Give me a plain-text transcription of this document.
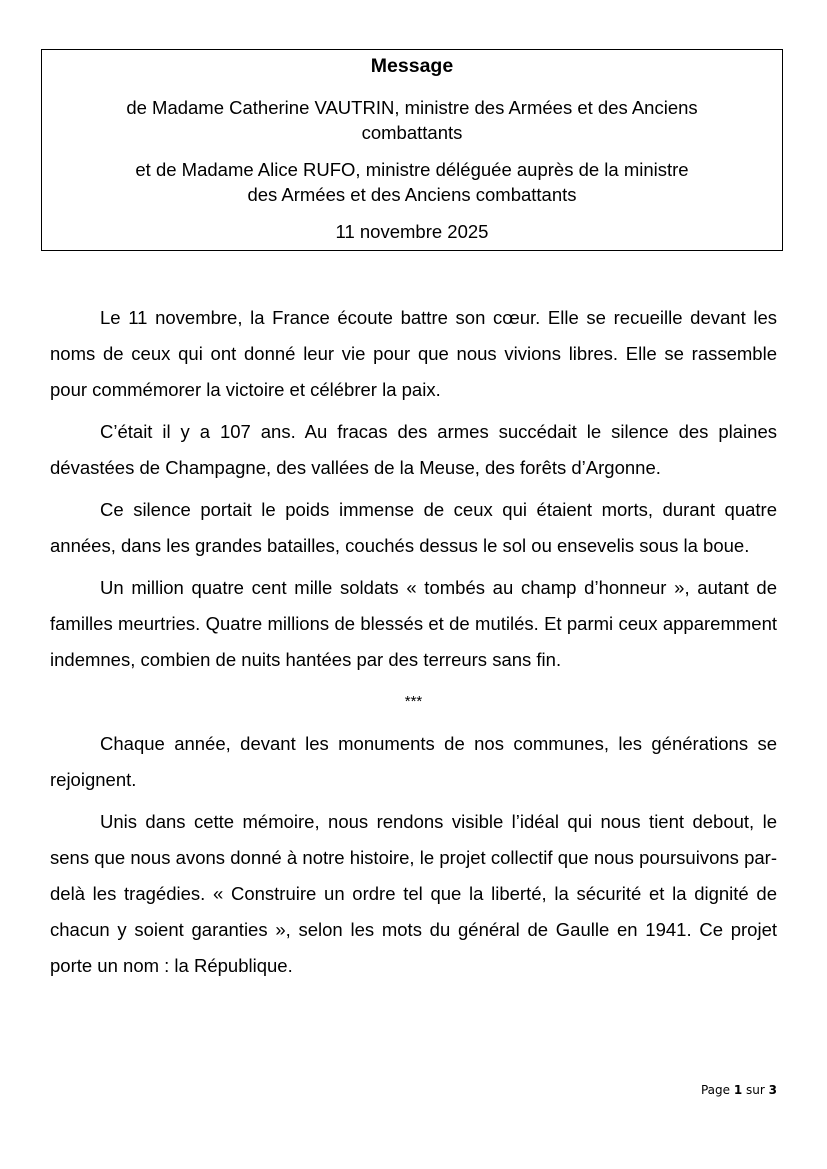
Message
de Madame Catherine VAUTRIN, ministre des Armées et des Anciens combattants
et de Madame Alice RUFO, ministre déléguée auprès de la ministre des Armées et des Anciens combattants
11 novembre 2025

Le 11 novembre, la France écoute battre son cœur. Elle se recueille devant les noms de ceux qui ont donné leur vie pour que nous vivions libres. Elle se rassemble pour commémorer la victoire et célébrer la paix.

C’était il y a 107 ans. Au fracas des armes succédait le silence des plaines dévastées de Champagne, des vallées de la Meuse, des forêts d’Argonne.

Ce silence portait le poids immense de ceux qui étaient morts, durant quatre années, dans les grandes batailles, couchés dessus le sol ou ensevelis sous la boue.

Un million quatre cent mille soldats « tombés au champ d’honneur », autant de familles meurtries. Quatre millions de blessés et de mutilés. Et parmi ceux apparemment indemnes, combien de nuits hantées par des terreurs sans fin.

***

Chaque année, devant les monuments de nos communes, les générations se rejoignent.

Unis dans cette mémoire, nous rendons visible l’idéal qui nous tient debout, le sens que nous avons donné à notre histoire, le projet collectif que nous poursuivons par-delà les tragédies. « Construire un ordre tel que la liberté, la sécurité et la dignité de chacun y soient garanties », selon les mots du général de Gaulle en 1941. Ce projet porte un nom : la République.

Page 1 sur 3
